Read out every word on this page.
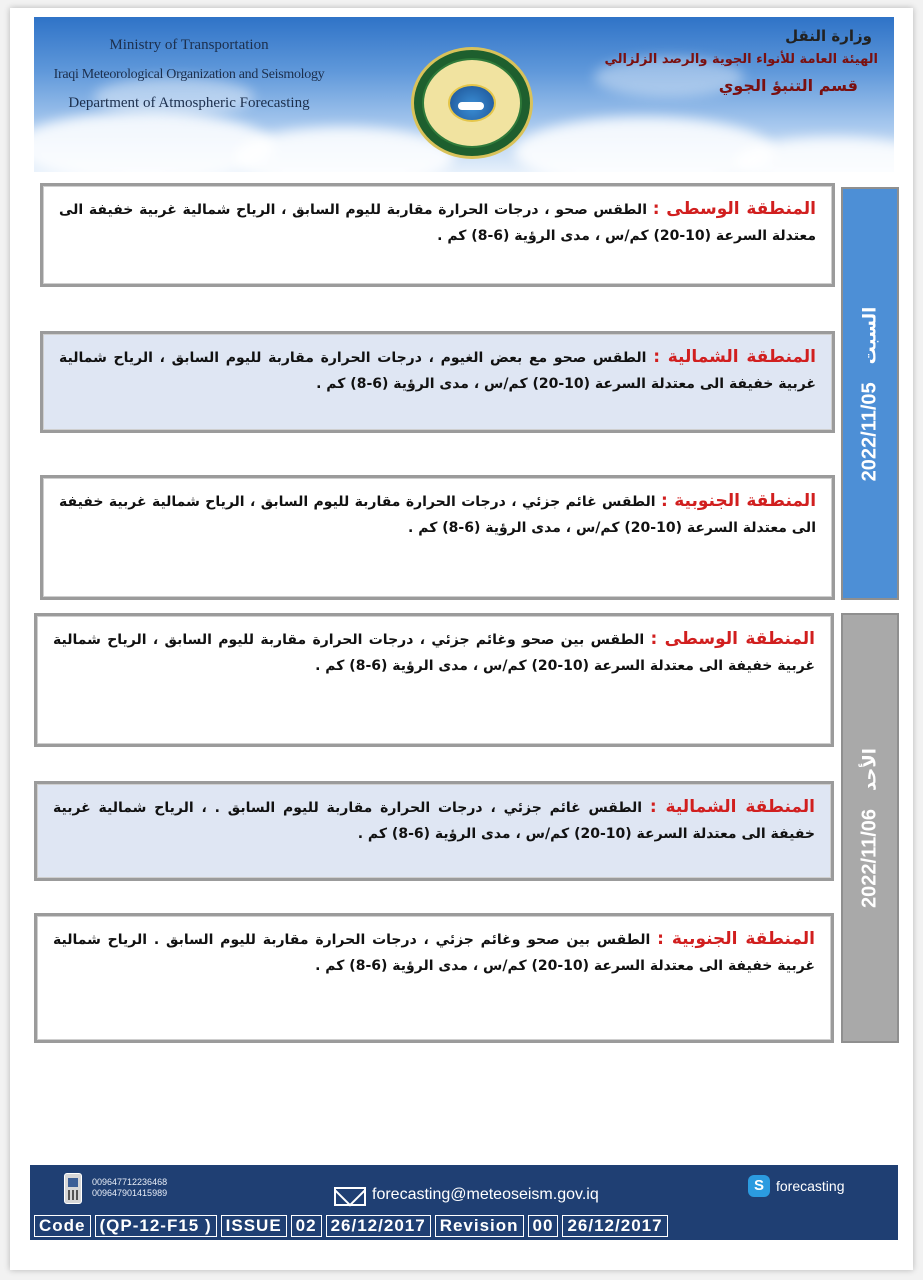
Ministry of Transportation
Iraqi Meteorological Organization and Seismology
Department of Atmospheric Forecasting
وزارة النقل
الهيئة العامة للأنواء الجوية والرصد الزلزالي
قسم التنبؤ الجوي

المنطقة الوسطى : الطقس صحو ، درجات الحرارة مقاربة لليوم السابق ، الرياح شمالية غربية خفيفة الى معتدلة السرعة (10-20) كم/س ، مدى الرؤية (6-8) كم .

المنطقة الشمالية : الطقس صحو مع بعض الغيوم ، درجات الحرارة مقاربة لليوم السابق ، الرياح شمالية غربية خفيفة الى معتدلة السرعة (10-20) كم/س ، مدى الرؤية (6-8) كم .

المنطقة الجنوبية : الطقس غائم جزئي ، درجات الحرارة مقاربة لليوم السابق ، الرياح شمالية غربية خفيفة الى معتدلة السرعة (10-20) كم/س ، مدى الرؤية (6-8) كم .

2022/11/05
السبت

المنطقة الوسطى : الطقس بين صحو وغائم جزئي ، درجات الحرارة مقاربة لليوم السابق ، الرياح شمالية غربية خفيفة الى معتدلة السرعة (10-20) كم/س ، مدى الرؤية (6-8) كم .

المنطقة الشمالية : الطقس غائم جزئي ، درجات الحرارة مقاربة لليوم السابق . ، الرياح شمالية غربية خفيفة الى معتدلة السرعة (10-20) كم/س ، مدى الرؤية (6-8) كم .

المنطقة الجنوبية : الطقس بين صحو وغائم جزئي ، درجات الحرارة مقاربة لليوم السابق . الرياح شمالية غربية خفيفة الى معتدلة السرعة (10-20) كم/س ، مدى الرؤية (6-8) كم .

2022/11/06
الأحد
009647712236468
009647901415989	forecasting@meteoseism.gov.iq
S forecasting
Code (QP-12-F15 ) ISSUE 02 26/12/2017 Revision 00 26/12/2017
